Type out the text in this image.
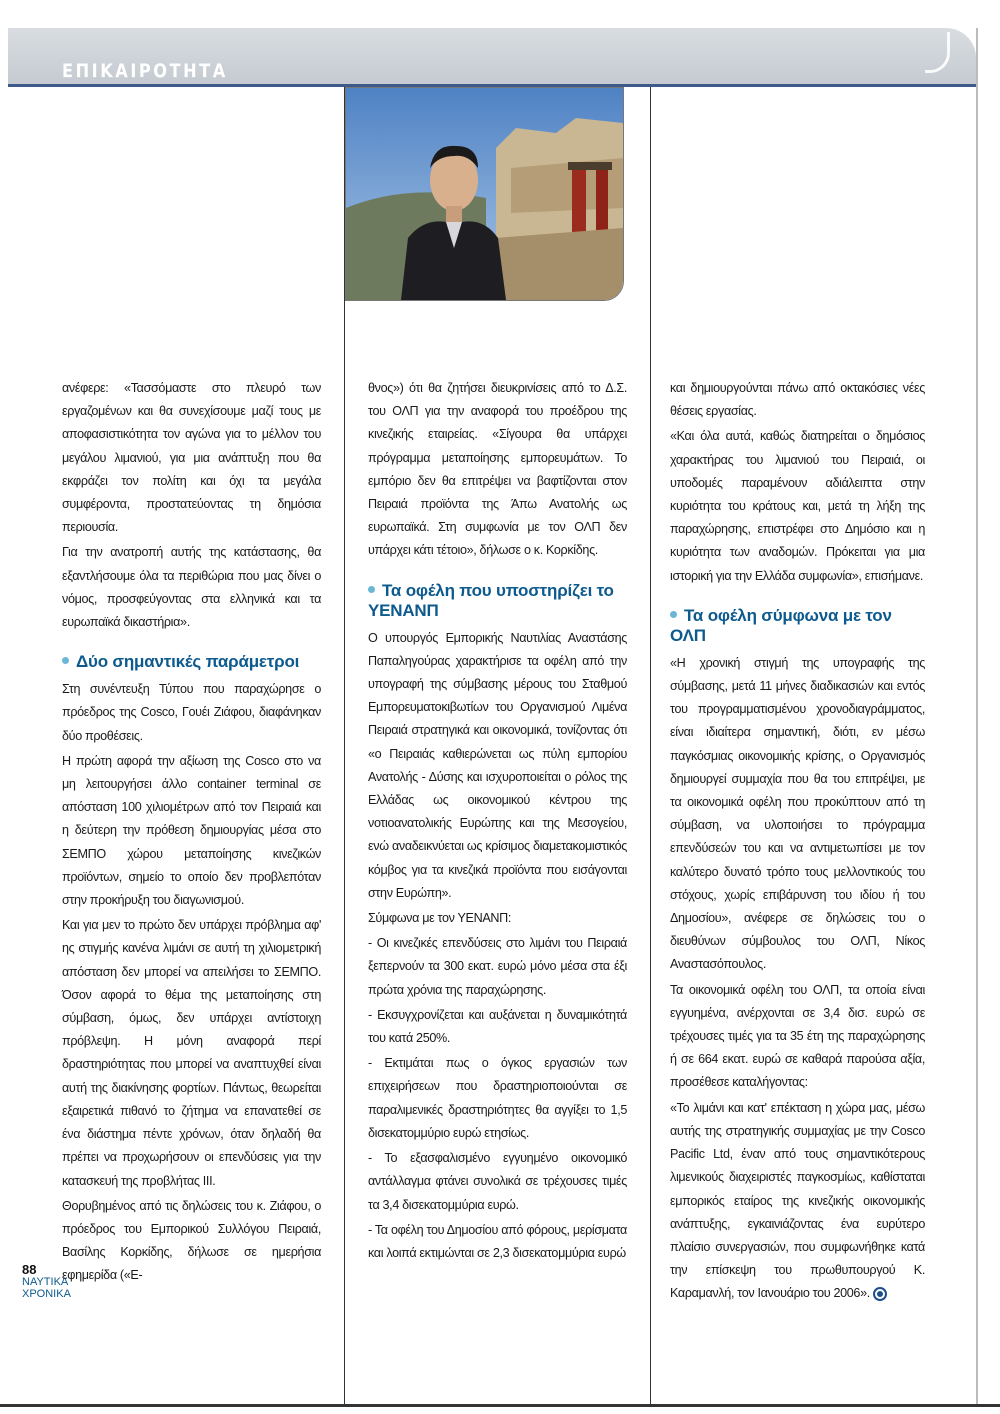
ΕΠΙΚΑΙΡΟΤΗΤΑ

ανέφερε: «Τασσόμαστε στο πλευρό των εργαζομένων και θα συνεχίσουμε μαζί τους με αποφασιστικότητα τον αγώνα για το μέλλον του μεγάλου λιμανιού, για μια ανάπτυξη που θα εκφράζει τον πολίτη και όχι τα μεγάλα συμφέροντα, προστατεύοντας τη δημόσια περιουσία.

Για την ανατροπή αυτής της κατάστασης, θα εξαντλήσουμε όλα τα περιθώρια που μας δίνει ο νόμος, προσφεύγοντας στα ελληνικά και τα ευρωπαϊκά δικαστήρια».

Δύο σημαντικές παράμετροι

Στη συνέντευξη Τύπου που παραχώρησε ο πρόεδρος της Cosco, Γουέι Ζιάφου, διαφάνηκαν δύο προθέσεις.

Η πρώτη αφορά την αξίωση της Cosco στο να μη λειτουργήσει άλλο container terminal σε απόσταση 100 χιλιομέτρων από τον Πειραιά και η δεύτερη την πρόθεση δημιουργίας μέσα στο ΣΕΜΠΟ χώρου μεταποίησης κινεζικών προϊόντων, σημείο το οποίο δεν προβλεπόταν στην προκήρυξη του διαγωνισμού.

Και για μεν το πρώτο δεν υπάρχει πρόβλημα αφ' ης στιγμής κανένα λιμάνι σε αυτή τη χιλιομετρική απόσταση δεν μπορεί να απειλήσει το ΣΕΜΠΟ. Όσον αφορά το θέμα της μεταποίησης στη σύμβαση, όμως, δεν υπάρχει αντίστοιχη πρόβλεψη. Η μόνη αναφορά περί δραστηριότητας που μπορεί να αναπτυχθεί είναι αυτή της διακίνησης φορτίων. Πάντως, θεωρείται εξαιρετικά πιθανό το ζήτημα να επανατεθεί σε ένα διάστημα πέντε χρόνων, όταν δηλαδή θα πρέπει να προχωρήσουν οι επενδύσεις για την κατασκευή της προβλήτας ΙΙΙ.

Θορυβημένος από τις δηλώσεις του κ. Ζιάφου, ο πρόεδρος του Εμπορικού Συλλόγου Πειραιά, Βασίλης Κορκίδης, δήλωσε σε ημερήσια εφημερίδα («Ε-

θνος») ότι θα ζητήσει διευκρινίσεις από το Δ.Σ. του ΟΛΠ για την αναφορά του προέδρου της κινεζικής εταιρείας. «Σίγουρα θα υπάρχει πρόγραμμα μεταποίησης εμπορευμάτων. Το εμπόριο δεν θα επιτρέψει να βαφτίζονται στον Πειραιά προϊόντα της Άπω Ανατολής ως ευρωπαϊκά. Στη συμφωνία με τον ΟΛΠ δεν υπάρχει κάτι τέτοιο», δήλωσε ο κ. Κορκίδης.

Τα οφέλη που υποστηρίζει το ΥΕΝΑΝΠ

Ο υπουργός Εμπορικής Ναυτιλίας Αναστάσης Παπαληγούρας χαρακτήρισε τα οφέλη από την υπογραφή της σύμβασης μέρους του Σταθμού Εμπορευματοκιβωτίων του Οργανισμού Λιμένα Πειραιά στρατηγικά και οικονομικά, τονίζοντας ότι «ο Πειραιάς καθιερώνεται ως πύλη εμπορίου Ανατολής - Δύσης και ισχυροποιείται ο ρόλος της Ελλάδας ως οικονομικού κέντρου της νοτιοανατολικής Ευρώπης και της Μεσογείου, ενώ αναδεικνύεται ως κρίσιμος διαμετακομιστικός κόμβος για τα κινεζικά προϊόντα που εισάγονται στην Ευρώπη».

Σύμφωνα με τον ΥΕΝΑΝΠ:

- Οι κινεζικές επενδύσεις στο λιμάνι του Πειραιά ξεπερνούν τα 300 εκατ. ευρώ μόνο μέσα στα έξι πρώτα χρόνια της παραχώρησης.

- Εκσυγχρονίζεται και αυξάνεται η δυναμικότητά του κατά 250%.

- Εκτιμάται πως ο όγκος εργασιών των επιχειρήσεων που δραστηριοποιούνται σε παραλιμενικές δραστηριότητες θα αγγίξει το 1,5 δισεκατομμύριο ευρώ ετησίως.

- Το εξασφαλισμένο εγγυημένο οικονομικό αντάλλαγμα φτάνει συνολικά σε τρέχουσες τιμές τα 3,4 δισεκατομμύρια ευρώ.

- Τα οφέλη του Δημοσίου από φόρους, μερίσματα και λοιπά εκτιμώνται σε 2,3 δισεκατομμύρια ευρώ

και δημιουργούνται πάνω από οκτακόσιες νέες θέσεις εργασίας.

«Και όλα αυτά, καθώς διατηρείται ο δημόσιος χαρακτήρας του λιμανιού του Πειραιά, οι υποδομές παραμένουν αδιάλειπτα στην κυριότητα του κράτους και, μετά τη λήξη της παραχώρησης, επιστρέφει στο Δημόσιο και η κυριότητα των αναδομών. Πρόκειται για μια ιστορική για την Ελλάδα συμφωνία», επισήμανε.

Τα οφέλη σύμφωνα με τον ΟΛΠ

«Η χρονική στιγμή της υπογραφής της σύμβασης, μετά 11 μήνες διαδικασιών και εντός του προγραμματισμένου χρονοδιαγράμματος, είναι ιδιαίτερα σημαντική, διότι, εν μέσω παγκόσμιας οικονομικής κρίσης, ο Οργανισμός δημιουργεί συμμαχία που θα του επιτρέψει, με τα οικονομικά οφέλη που προκύπτουν από τη σύμβαση, να υλοποιήσει το πρόγραμμα επενδύσεών του και να αντιμετωπίσει με τον καλύτερο δυνατό τρόπο τους μελλοντικούς του στόχους, χωρίς επιβάρυνση του ιδίου ή του Δημοσίου», ανέφερε σε δηλώσεις του ο διευθύνων σύμβουλος του ΟΛΠ, Νίκος Αναστασόπουλος.

Τα οικονομικά οφέλη του ΟΛΠ, τα οποία είναι εγγυημένα, ανέρχονται σε 3,4 δισ. ευρώ σε τρέχουσες τιμές για τα 35 έτη της παραχώρησης ή σε 664 εκατ. ευρώ σε καθαρά παρούσα αξία, προσέθεσε καταλήγοντας:

«Το λιμάνι και κατ' επέκταση η χώρα μας, μέσω αυτής της στρατηγικής συμμαχίας με την Cosco Pacific Ltd, έναν από τους σημαντικότερους λιμενικούς διαχειριστές παγκοσμίως, καθίσταται εμπορικός εταίρος της κινεζικής οικονομικής ανάπτυξης, εγκαινιάζοντας ένα ευρύτερο πλαίσιο συνεργασιών, που συμφωνήθηκε κατά την επίσκεψη του πρωθυπουργού Κ. Καραμανλή, τον Ιανουάριο του 2006».

88
ΝΑΥΤΙΚΑ
ΧΡΟΝΙΚΑ
